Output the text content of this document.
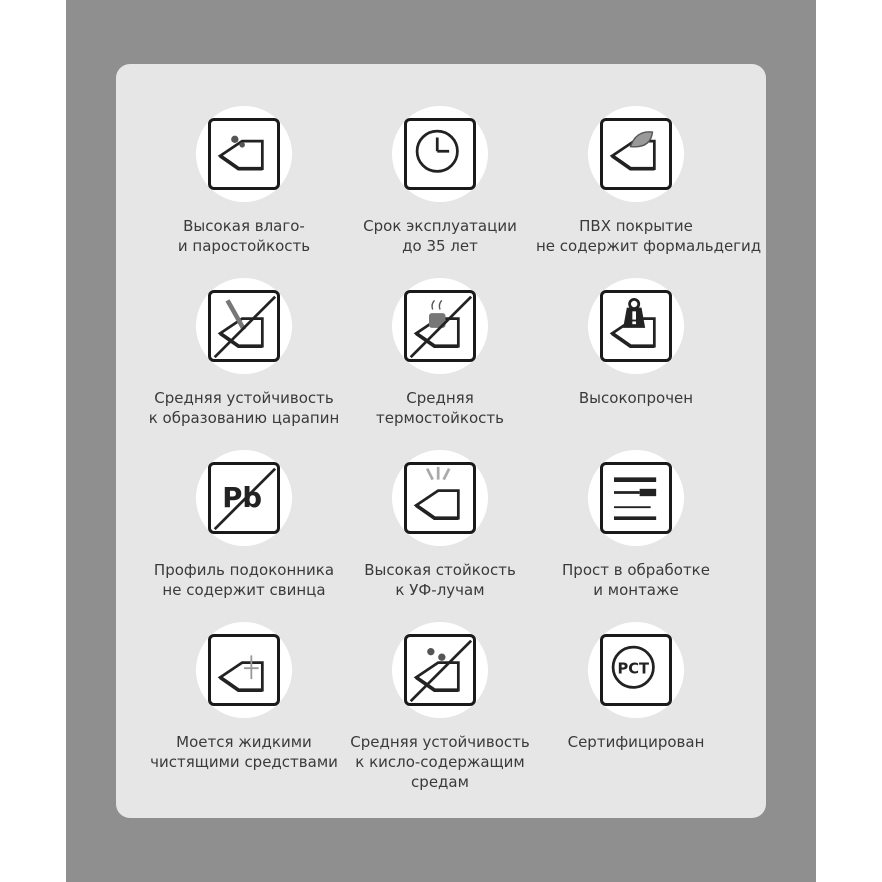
Высокая влаго-
и паростойкость
Срок эксплуатации
до 35 лет
ПВХ покрытие
не содержит формальдегид
Средняя устойчивость
к образованию царапин
Средняя
термостойкость
Высокопрочен
Pb
Профиль подоконника
не содержит свинца
Высокая стойкость
к УФ-лучам
Прост в обработке
и монтаже
Моется жидкими
чистящими средствами
Средняя устойчивость
к кисло-содержащим
средам
РСТ
Сертифицирован
